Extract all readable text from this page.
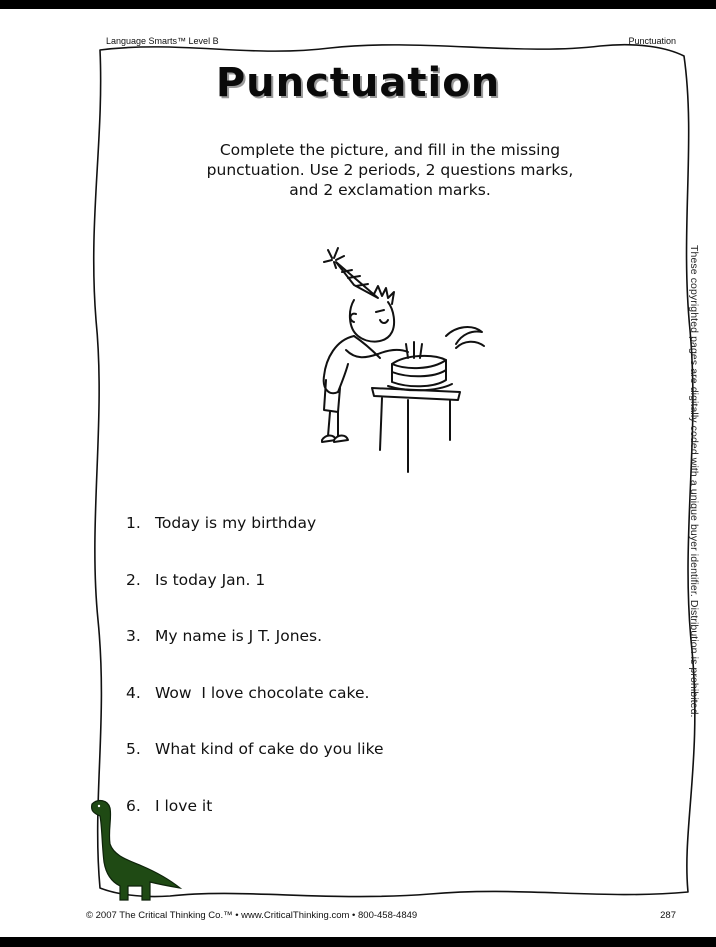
Language Smarts™ Level B	Punctuation
Punctuation
Complete the picture, and fill in the missing punctuation. Use 2 periods, 2 questions marks, and 2 exclamation marks.
1. Today is my birthday
2. Is today Jan. 1
3. My name is J T. Jones.
4. Wow  I love chocolate cake.
5. What kind of cake do you like
6. I love it
These copyrighted pages are digitally coded with a unique buyer identifier. Distribution is prohibited.
© 2007 The Critical Thinking Co.™ • www.CriticalThinking.com • 800-458-4849	287
